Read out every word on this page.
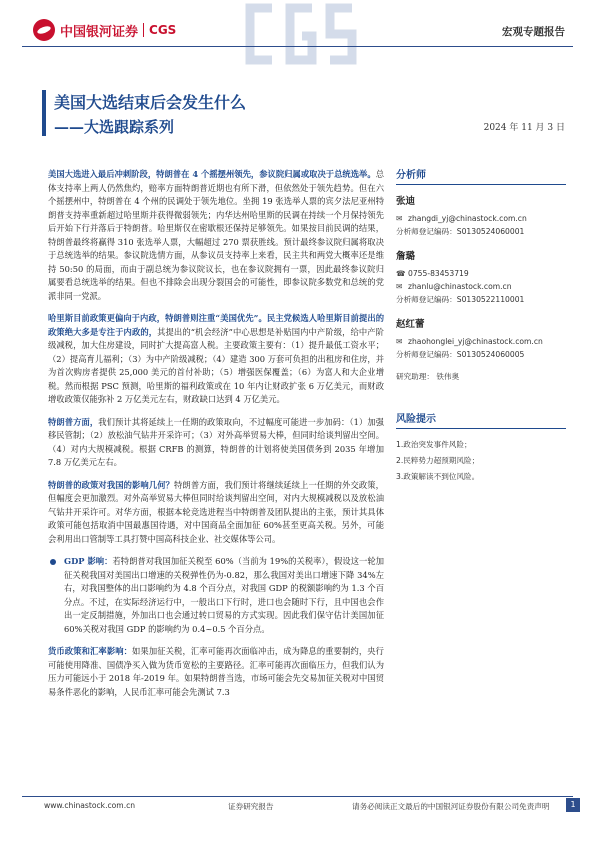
中国银河证券 CGS	宏观专题报告
美国大选结束后会发生什么
——大选跟踪系列	2024 年 11 月 3 日

美国大选进入最后冲刺阶段，特朗普在 4 个摇摆州领先，参议院归属或取决于总统选举。总体支持率上两人仍然焦灼，赔率方面特朗普近期也有所下滑，但依然处于领先趋势。但在六个摇摆州中，特朗普在 4 个州的民调处于领先地位。坐拥 19 张选举人票的宾夕法尼亚州特朗普支持率重新超过哈里斯并获得微弱领先；内华达州哈里斯的民调在持续一个月保持领先后开始下行并落后于特朗普。哈里斯仅在密歇根还保持足够领先。如果按目前民调的结果，特朗普最终将赢得 310 张选举人票，大幅超过 270 票获胜线。预计最终参议院归属将取决于总统选举的结果。参议院选情方面，从参议员支持率上来看，民主共和两党大概率还是维持 50:50 的局面，而由于副总统为参议院议长，也在参议院拥有一票，因此最终参议院归属要看总统选举的结果。但也不排除会出现分裂国会的可能性，即参议院多数党和总统的党派非同一党派。

哈里斯目前政策更偏向于内政，特朗普则注重“美国优先”。民主党候选人哈里斯目前提出的政策绝大多是专注于内政的，其提出的“机会经济”中心思想是补贴国内中产阶级，给中产阶级减税，加大住房建设，同时扩大提高富人税。主要政策主要有：（1）提升最低工资水平；（2）提高育儿福利；（3）为中产阶级减税；（4）建造 300 万套可负担的出租房和住房，并为首次购房者提供 25,000 美元的首付补助；（5）增强医保覆盖；（6）为富人和大企业增税。然而根据 PSC 预测，哈里斯的福利政策或在 10 年内让财政扩张 6 万亿美元，而财政增收政策仅能弥补 2 万亿美元左右，财政缺口达到 4 万亿美元。

特朗普方面，我们预计其将延续上一任期的政策取向，不过幅度可能进一步加码：（1）加强移民管制；（2）放松油气钻井开采许可；（3）对外高举贸易大棒，但同时给谈判留出空间。（4）对内大规模减税。根据 CRFB 的测算，特朗普的计划将使美国债务到 2035 年增加 7.8 万亿美元左右。

特朗普的政策对我国的影响几何？特朗普方面，我们预计将继续延续上一任期的外交政策，但幅度会更加激烈。对外高举贸易大棒但同时给谈判留出空间，对内大规模减税以及放松油气钻井开采许可。对华方面，根据本轮竞选进程当中特朗普及团队提出的主张，预计其具体政策可能包括取消中国最惠国待遇，对中国商品全面加征 60%甚至更高关税。另外，可能会利用出口管制等工具打赞中国高科技企业、社交媒体等公司。

GDP 影响：若特朗普对我国加征关税至 60%（当前为 19%的关税率），假设这一轮加征关税我国对美国出口增速的关税弹性仍为-0.82，那么我国对美出口增速下降 34%左右，对我国整体的出口影响约为 4.8 个百分点，对我国 GDP 的税额影响约为 1.3 个百分点。不过，在实际经济运行中，一般出口下行时，进口也会随时下行，且中国也会作出一定反制措施，外加出口也会通过转口贸易的方式实现。因此我们保守估计美国加征 60%关税对我国 GDP 的影响约为 0.4~0.5 个百分点。

货币政策和汇率影响：如果加征关税，汇率可能再次面临冲击，成为降息的重要制约，央行可能使用降准、国债净买入做为货币宽松的主要路径。汇率可能再次面临压力，但我们认为压力可能远小于 2018 年-2019 年。如果特朗普当选，市场可能会先交易加征关税对中国贸易条件恶化的影响，人民币汇率可能会先测试 7.3

分析师
张迪
✉ zhangdi_yj@chinastock.com.cn
分析师登记编码：S0130524060001
詹璐
☎ 0755-83453719
✉ zhanlu@chinastock.com.cn
分析师登记编码：S0130522110001
赵红蕾
✉ zhaohonglei_yj@chinastock.com.cn
分析师登记编码：S0130524060005
研究助理： 铁伟奥
风险提示
1.政治突发事件风险；
2.民粹势力超预期风险；
3.政策解读不到位风险。
www.chinastock.com.cn	证券研究报告	请务必阅读正文最后的中国银河证券股份有限公司免责声明	1
